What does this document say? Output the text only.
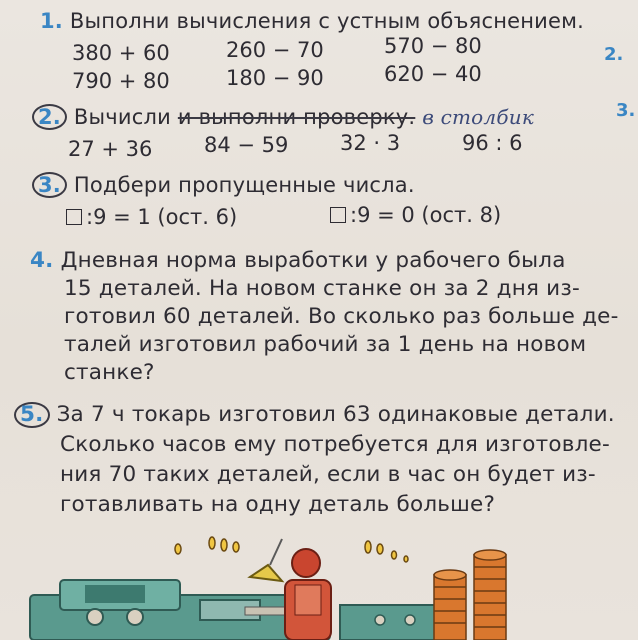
1. Выполни вычисления с устным объяснением.
380 + 60
790 + 80
260 − 70
180 − 90
570 − 80
620 − 40
2. Вычисли и выполни проверку. в столбик
27 + 36 84 − 59 32 · 3	96 : 6
3. Подбери пропущенные числа.
:9 = 1 (ост. 6)	:9 = 0 (ост. 8)
4. Дневная норма выработки у рабочего была
15 деталей. На новом станке он за 2 дня из-
готовил 60 деталей. Во сколько раз больше де-
талей изготовил рабочий за 1 день на новом
станке?
5. За 7 ч токарь изготовил 63 одинаковые детали.
Сколько часов ему потребуется для изготовле-
ния 70 таких деталей, если в час он будет из-
готавливать на одну деталь больше?
2.
3.
